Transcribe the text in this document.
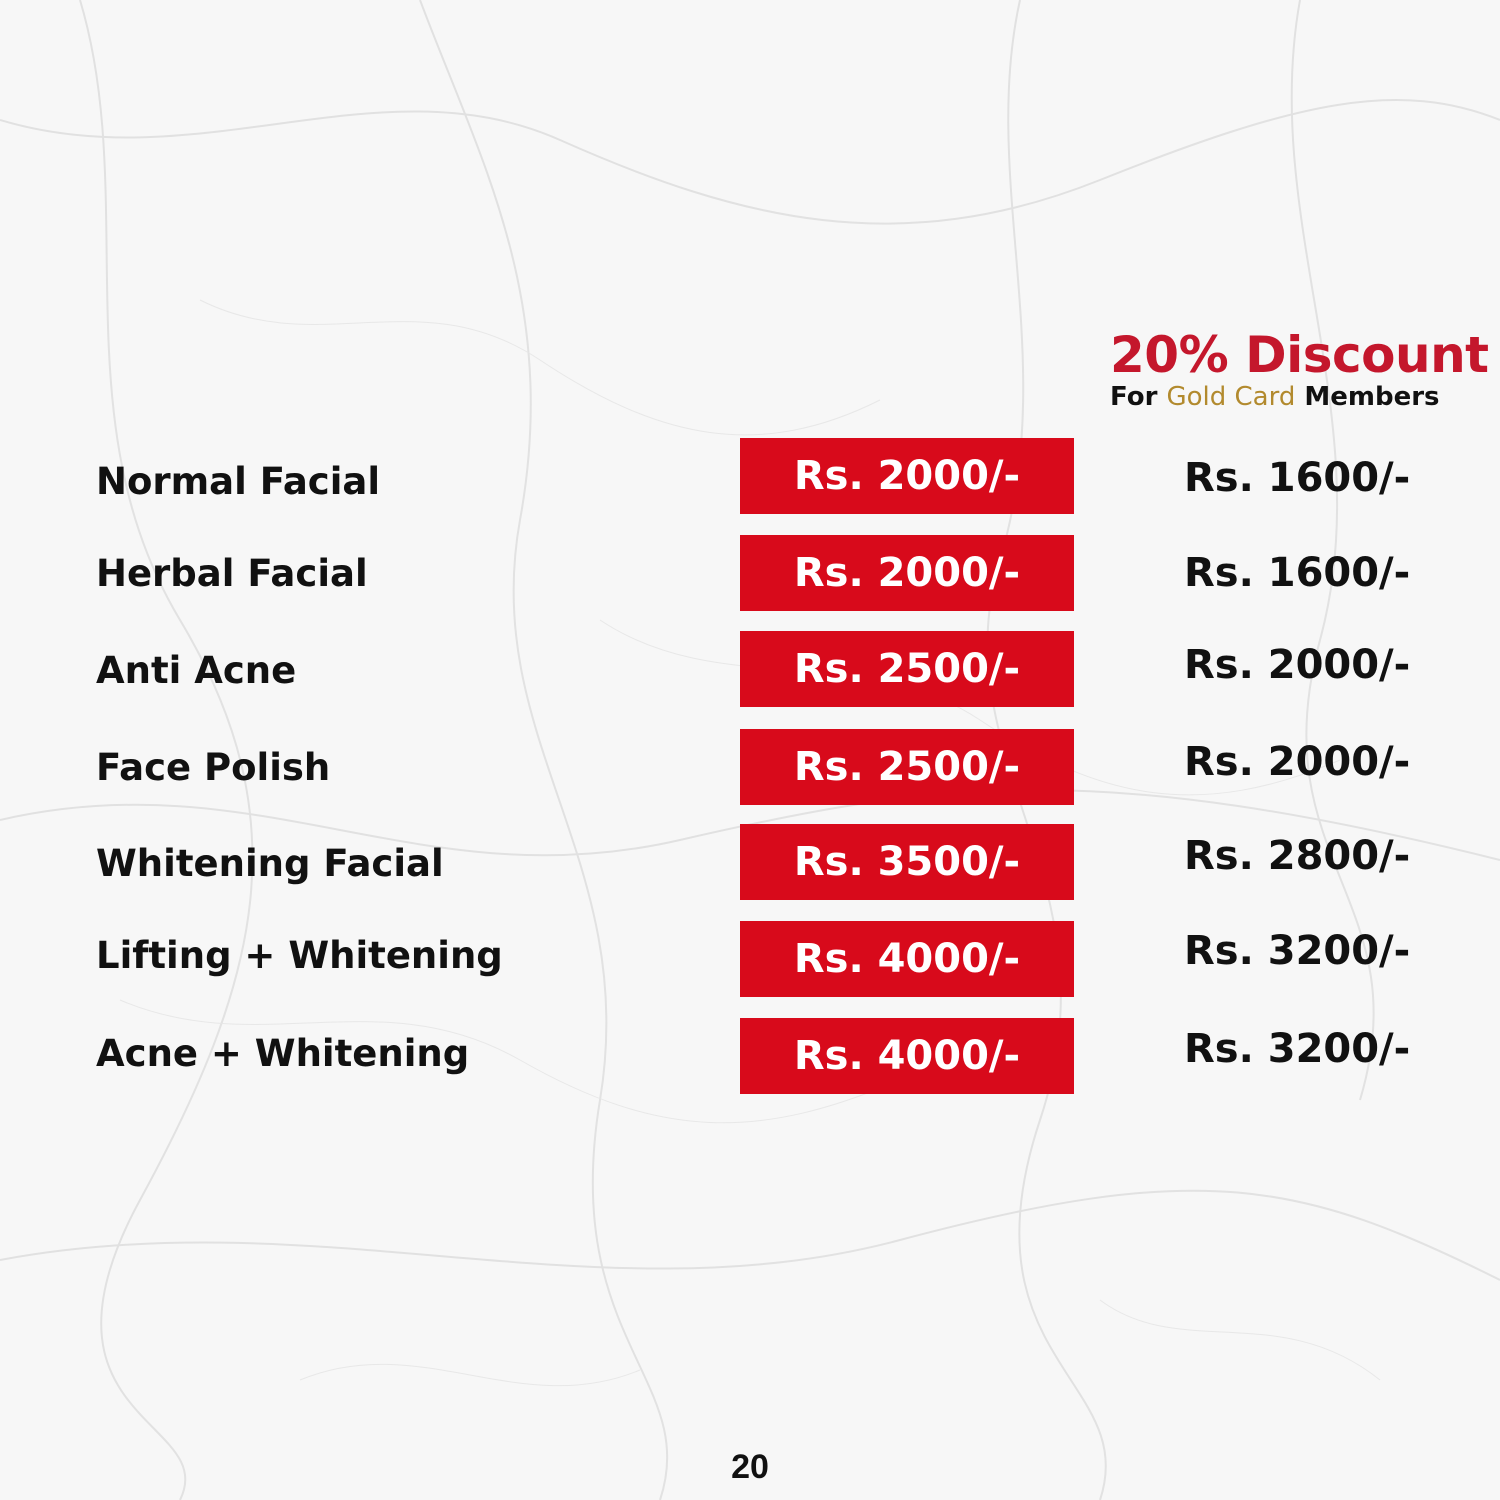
20% Discount
For Gold Card Members
Normal Facial	Rs. 2000/-	Rs. 1600/-
Herbal Facial	Rs. 2000/-	Rs. 1600/-
Anti Acne	Rs. 2500/-	Rs. 2000/-
Face Polish	Rs. 2500/-	Rs. 2000/-
Whitening Facial	Rs. 3500/-	Rs. 2800/-
Lifting + Whitening	Rs. 4000/-	Rs. 3200/-
Acne + Whitening	Rs. 4000/-	Rs. 3200/-
20
